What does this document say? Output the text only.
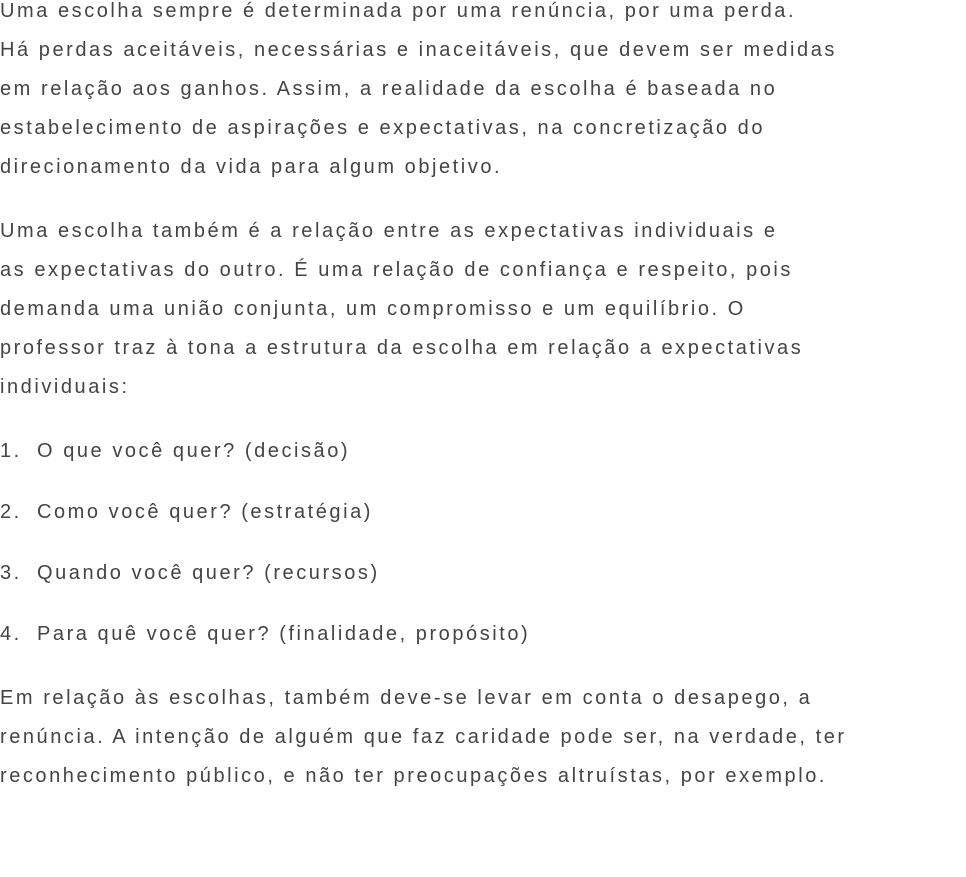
Uma escolha sempre é determinada por uma renúncia, por uma perda.
Há perdas aceitáveis, necessárias e inaceitáveis, que devem ser medidas
em relação aos ganhos. Assim, a realidade da escolha é baseada no
estabelecimento de aspirações e expectativas, na concretização do
direcionamento da vida para algum objetivo.
Uma escolha também é a relação entre as expectativas individuais e
as expectativas do outro. É uma relação de confiança e respeito, pois
demanda uma união conjunta, um compromisso e um equilíbrio. O
professor traz à tona a estrutura da escolha em relação a expectativas
individuais:
1. O que você quer? (decisão)
2. Como você quer? (estratégia)
3. Quando você quer? (recursos)
4. Para quê você quer? (finalidade, propósito)
Em relação às escolhas, também deve-se levar em conta o desapego, a
renúncia. A intenção de alguém que faz caridade pode ser, na verdade, ter
reconhecimento público, e não ter preocupações altruístas, por exemplo.
